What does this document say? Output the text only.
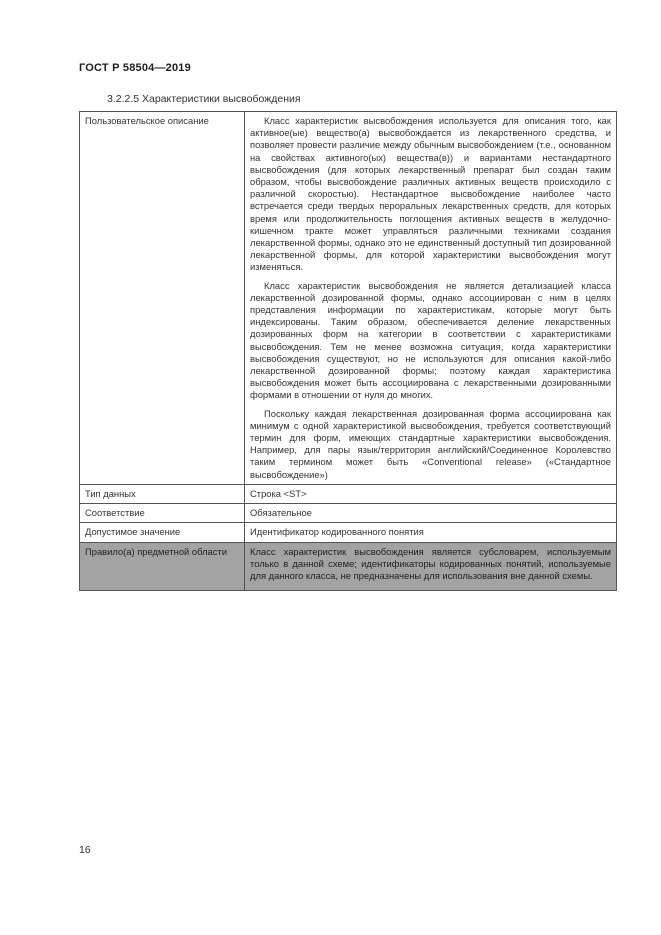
ГОСТ Р 58504—2019
3.2.2.5 Характеристики высвобождения
Пользовательское описание	Класс характеристик высвобождения используется для описания того, как активное(ые) вещество(а) высвобождается из лекарственного средства, и позволяет провести различие между обычным высвобождением (т.е., основанном на свойствах активного(ых) вещества(в)) и вариантами нестандартного высвобождения (для которых лекарственный препарат был создан таким образом, чтобы высвобождение различных активных веществ происходило с различной скоростью). Нестандартное высвобождение наиболее часто встречается среди твердых пероральных лекарственных средств, для которых время или продолжительность поглощения активных веществ в желудочно-кишечном тракте может управляться различными техниками создания лекарственной формы, однако это не единственный доступный тип дозированной лекарственной формы, для которой характеристики высвобождения могут изменяться.

Класс характеристик высвобождения не является детализацией класса лекарственной дозированной формы, однако ассоциирован с ним в целях представления информации по характеристикам, которые могут быть индексированы. Таким образом, обеспечивается деление лекарственных дозированных форм на категории в соответствии с характеристиками высвобождения. Тем не менее возможна ситуация, когда характеристики высвобождения существуют, но не используются для описания какой-либо лекарственной дозированной формы; поэтому каждая характеристика высвобождения может быть ассоциирована с лекарственными дозированными формами в отношении от нуля до многих.

Поскольку каждая лекарственная дозированная форма ассоциирована как минимум с одной характеристикой высвобождения, требуется соответствующий термин для форм, имеющих стандартные характеристики высвобождения. Например, для пары язык/территория английский/Соединенное Королевство таким термином может быть «Conventional release» («Стандартное высвобождение»)

Тип данных	Строка <ST>
Соответствие	Обязательное
Допустимое значение	Идентификатор кодированного понятия
Правило(а) предметной области	Класс характеристик высвобождения является субсловарем, используемым только в данной схеме; идентификаторы кодированных понятий, используемые для данного класса, не предназначены для использования вне данной схемы.
16
